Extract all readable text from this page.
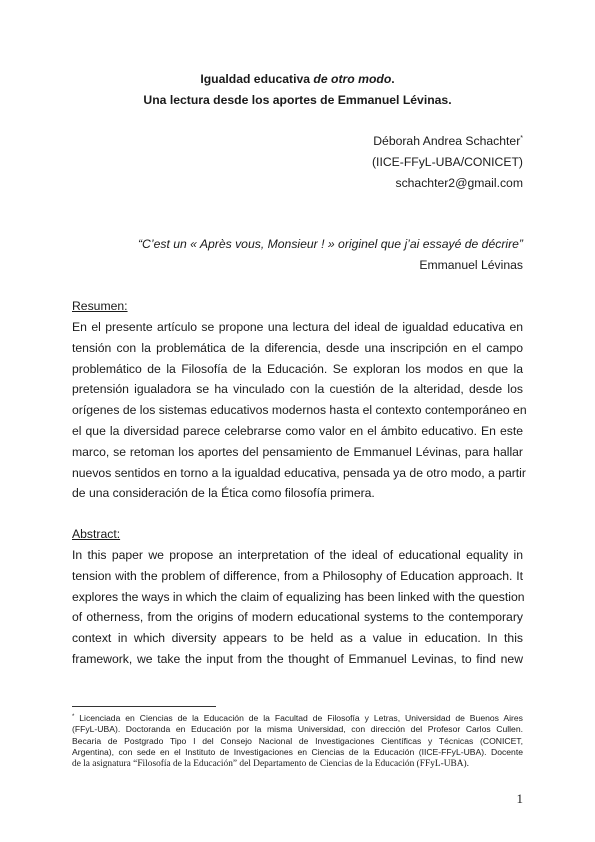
Igualdad educativa de otro modo.
Una lectura desde los aportes de Emmanuel Lévinas.
Déborah Andrea Schachter*
(IICE-FFyL-UBA/CONICET)
schachter2@gmail.com
“C’est un « Après vous, Monsieur ! » originel que j’ai essayé de décrire”
Emmanuel Lévinas
Resumen:
En el presente artículo se propone una lectura del ideal de igualdad educativa en
tensión con la problemática de la diferencia, desde una inscripción en el campo
problemático de la Filosofía de la Educación. Se exploran los modos en que la
pretensión igualadora se ha vinculado con la cuestión de la alteridad, desde los
orígenes de los sistemas educativos modernos hasta el contexto contemporáneo en
el que la diversidad parece celebrarse como valor en el ámbito educativo. En este
marco, se retoman los aportes del pensamiento de Emmanuel Lévinas, para hallar
nuevos sentidos en torno a la igualdad educativa, pensada ya de otro modo, a partir
de una consideración de la Ética como filosofía primera.
Abstract:
In this paper we propose an interpretation of the ideal of educational equality in
tension with the problem of difference, from a Philosophy of Education approach. It
explores the ways in which the claim of equalizing has been linked with the question
of otherness, from the origins of modern educational systems to the contemporary
context in which diversity appears to be held as a value in education. In this
framework, we take the input from the thought of Emmanuel Levinas, to find new
* Licenciada en Ciencias de la Educación de la Facultad de Filosofía y Letras, Universidad de Buenos Aires
(FFyL-UBA). Doctoranda en Educación por la misma Universidad, con dirección del Profesor Carlos Cullen.
Becaria de Postgrado Tipo I del Consejo Nacional de Investigaciones Científicas y Técnicas (CONICET,
Argentina), con sede en el Instituto de Investigaciones en Ciencias de la Educación (IICE-FFyL-UBA). Docente
de la asignatura “Filosofía de la Educación” del Departamento de Ciencias de la Educación (FFyL-UBA).
1
